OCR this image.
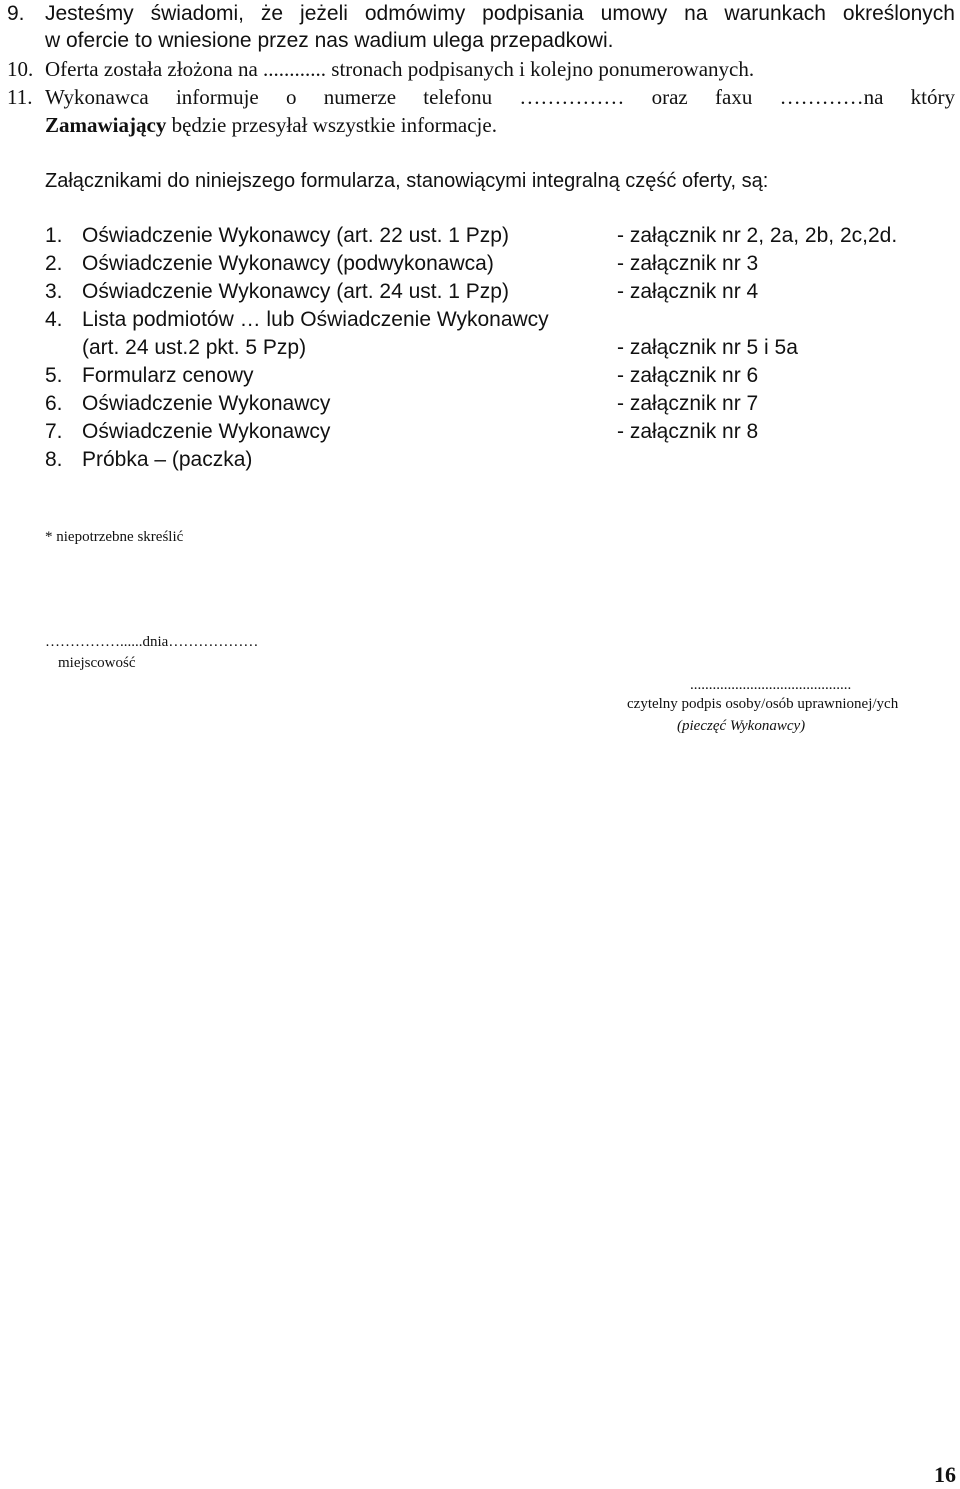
9. Jesteśmy świadomi, że jeżeli odmówimy podpisania umowy na warunkach określonych
w ofercie to wniesione przez nas wadium ulega przepadkowi.
10. Oferta została złożona na ............ stronach podpisanych i kolejno ponumerowanych.
11. Wykonawca informuje o numerze telefonu …………… oraz faxu …………na który
Zamawiający będzie przesyłał wszystkie informacje.
Załącznikami do niniejszego formularza, stanowiącymi integralną część oferty, są:
1. Oświadczenie Wykonawcy (art. 22 ust. 1 Pzp)	- załącznik nr 2, 2a, 2b, 2c,2d.
2. Oświadczenie Wykonawcy (podwykonawca)	- załącznik nr 3
3. Oświadczenie Wykonawcy (art. 24 ust. 1 Pzp)	- załącznik nr 4
4. Lista podmiotów … lub Oświadczenie Wykonawcy
(art. 24 ust.2 pkt. 5 Pzp)	- załącznik nr 5 i 5a
5. Formularz cenowy	- załącznik nr 6
6. Oświadczenie Wykonawcy	- załącznik nr 7
7. Oświadczenie Wykonawcy	- załącznik nr 8
8. Próbka – (paczka)
* niepotrzebne skreślić
……………......dnia………………
miejscowość
...........................................
czytelny podpis osoby/osób uprawnionej/ych
(pieczęć Wykonawcy)
16
